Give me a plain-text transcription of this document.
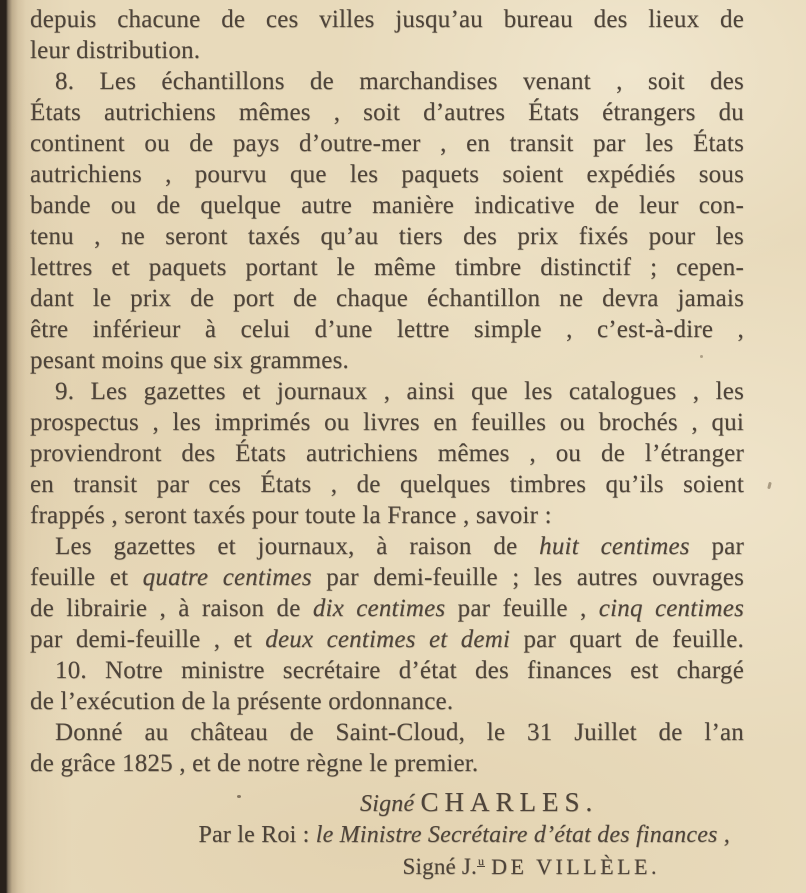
depuis chacune de ces villes jusqu’au bureau des lieux de
leur distribution.
8. Les échantillons de marchandises venant , soit des
États autrichiens mêmes , soit d’autres États étrangers du
continent ou de pays d’outre-mer , en transit par les États
autrichiens , pourvu que les paquets soient expédiés sous
bande ou de quelque autre manière indicative de leur con-
tenu , ne seront taxés qu’au tiers des prix fixés pour les
lettres et paquets portant le même timbre distinctif ; cepen-
dant le prix de port de chaque échantillon ne devra jamais
être inférieur à celui d’une lettre simple , c’est-à-dire ,
pesant moins que six grammes.
9. Les gazettes et journaux , ainsi que les catalogues , les
prospectus , les imprimés ou livres en feuilles ou brochés , qui
proviendront des États autrichiens mêmes , ou de l’étranger
en transit par ces États , de quelques timbres qu’ils soient
frappés , seront taxés pour toute la France , savoir :
Les gazettes et journaux, à raison de huit centimes par
feuille et quatre centimes par demi-feuille ; les autres ouvrages
de librairie , à raison de dix centimes par feuille , cinq centimes
par demi-feuille , et deux centimes et demi par quart de feuille.
10. Notre ministre secrétaire d’état des finances est chargé
de l’exécution de la présente ordonnance.
Donné au château de Saint-Cloud, le 31 Juillet de l’an
de grâce 1825 , et de notre règne le premier.
Signé CHARLES.
Par le Roi : le Ministre Secrétaire d’état des finances ,
Signé J.u DE VILLÈLE.
